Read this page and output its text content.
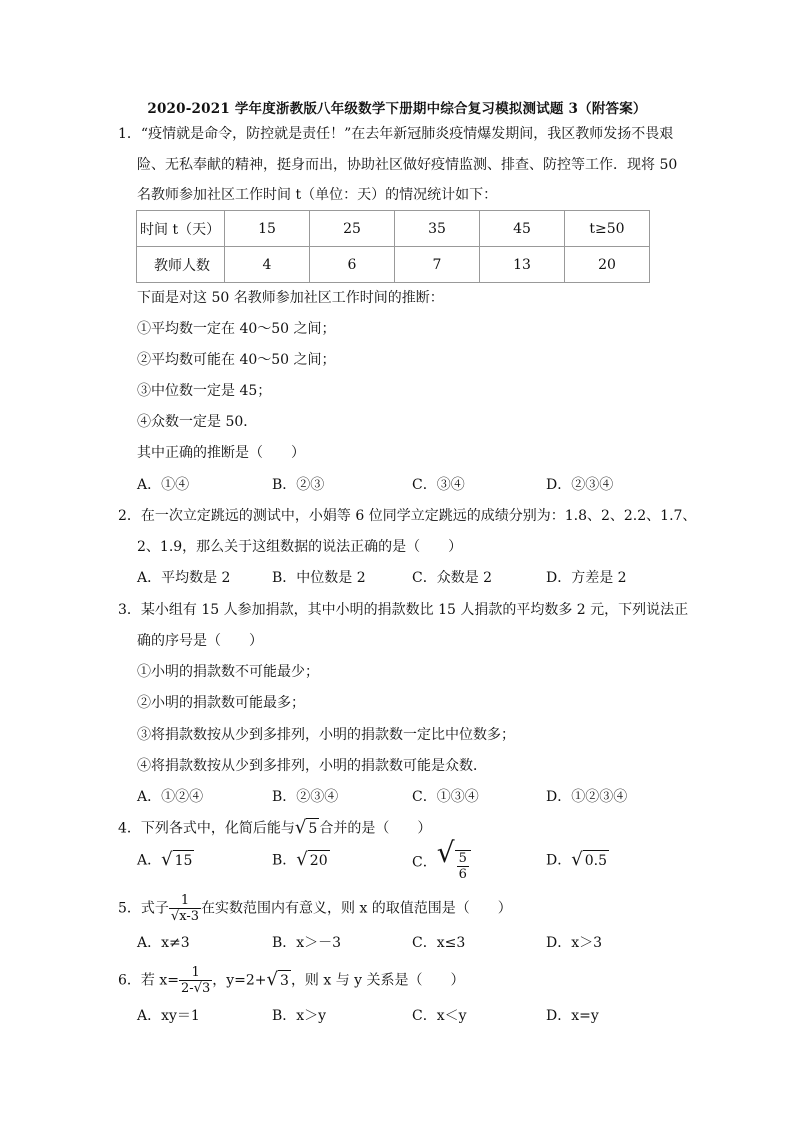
2020-2021 学年度浙教版八年级数学下册期中综合复习模拟测试题 3（附答案）
1．“疫情就是命令，防控就是责任！”在去年新冠肺炎疫情爆发期间，我区教师发扬不畏艰
险、无私奉献的精神，挺身而出，协助社区做好疫情监测、排查、防控等工作．现将 50
名教师参加社区工作时间 t（单位：天）的情况统计如下：
时间 t（天）	15	25	35	45	t≥50
教师人数	4	6	7	13	20
下面是对这 50 名教师参加社区工作时间的推断：
①平均数一定在 40～50 之间；
②平均数可能在 40～50 之间；
③中位数一定是 45；
④众数一定是 50．
其中正确的推断是（　　）
A．①④	B．②③	C．③④	D．②③④
2．在一次立定跳远的测试中，小娟等 6 位同学立定跳远的成绩分别为：1.8、2、2.2、1.7、
2、1.9，那么关于这组数据的说法正确的是（　　）
A．平均数是 2	B．中位数是 2	C．众数是 2	D．方差是 2
3．某小组有 15 人参加捐款，其中小明的捐款数比 15 人捐款的平均数多 2 元，下列说法正
确的序号是（　　）
①小明的捐款数不可能最少；
②小明的捐款数可能最多；
③将捐款数按从少到多排列，小明的捐款数一定比中位数多；
④将捐款数按从少到多排列，小明的捐款数可能是众数．
A．①②④	B．②③④	C．①③④	D．①②③④
4．下列各式中，化简后能与√ 5 合并的是（　　）
A．√ 15	B．√ 20	C．√ $\frac{5}{6}$	D．√ 0.5
5．式子 $\frac{1}{√x-3}$ 在实数范围内有意义，则 x 的取值范围是（　　）
A．x≠3	B．x＞－3	C．x≤3	D．x＞3
6．若 $x= \frac{1}{2-√3}$ ，y=2+√ 3 ，则 x 与 y 关系是（　　）
A．xy＝1	B．x＞y	C．x＜y	D．x=y
